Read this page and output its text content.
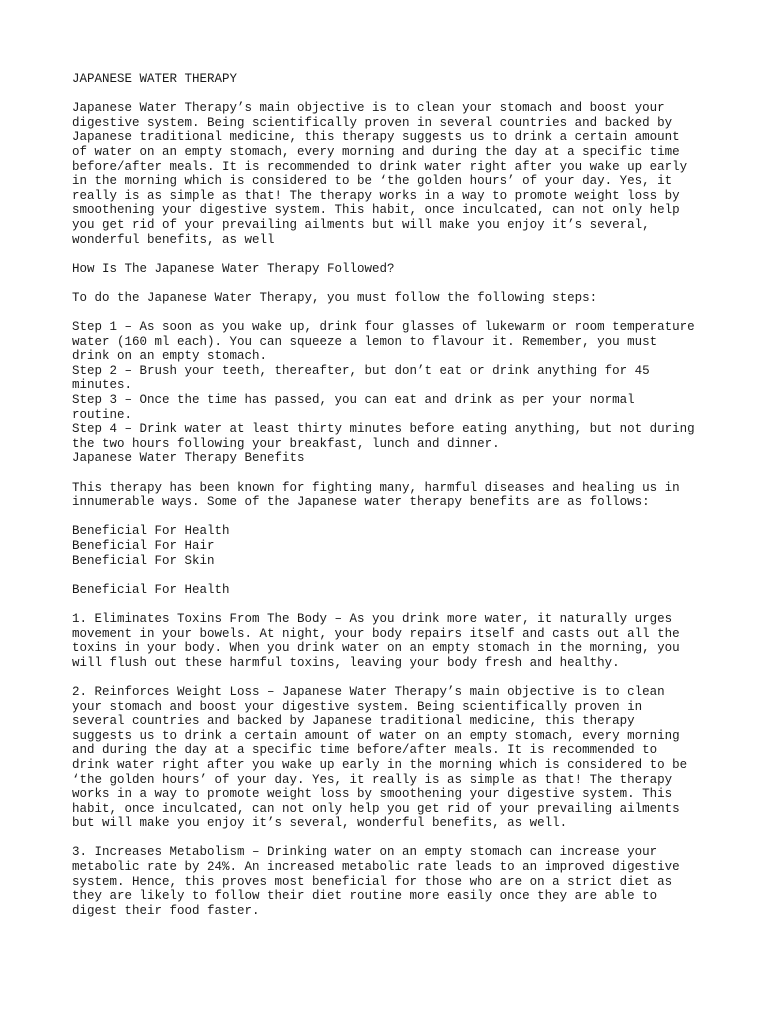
JAPANESE WATER THERAPY

Japanese Water Therapy’s main objective is to clean your stomach and boost your
digestive system. Being scientifically proven in several countries and backed by
Japanese traditional medicine, this therapy suggests us to drink a certain amount
of water on an empty stomach, every morning and during the day at a specific time
before/after meals. It is recommended to drink water right after you wake up early
in the morning which is considered to be ‘the golden hours’ of your day. Yes, it
really is as simple as that! The therapy works in a way to promote weight loss by
smoothening your digestive system. This habit, once inculcated, can not only help
you get rid of your prevailing ailments but will make you enjoy it’s several,
wonderful benefits, as well

How Is The Japanese Water Therapy Followed?

To do the Japanese Water Therapy, you must follow the following steps:

Step 1 – As soon as you wake up, drink four glasses of lukewarm or room temperature
water (160 ml each). You can squeeze a lemon to flavour it. Remember, you must
drink on an empty stomach.
Step 2 – Brush your teeth, thereafter, but don’t eat or drink anything for 45
minutes.
Step 3 – Once the time has passed, you can eat and drink as per your normal
routine.
Step 4 – Drink water at least thirty minutes before eating anything, but not during
the two hours following your breakfast, lunch and dinner.

Japanese Water Therapy Benefits

This therapy has been known for fighting many, harmful diseases and healing us in
innumerable ways. Some of the Japanese water therapy benefits are as follows:

Beneficial For Health
Beneficial For Hair
Beneficial For Skin

Beneficial For Health

1. Eliminates Toxins From The Body – As you drink more water, it naturally urges
movement in your bowels. At night, your body repairs itself and casts out all the
toxins in your body. When you drink water on an empty stomach in the morning, you
will flush out these harmful toxins, leaving your body fresh and healthy.

2. Reinforces Weight Loss – Japanese Water Therapy’s main objective is to clean
your stomach and boost your digestive system. Being scientifically proven in
several countries and backed by Japanese traditional medicine, this therapy
suggests us to drink a certain amount of water on an empty stomach, every morning
and during the day at a specific time before/after meals. It is recommended to
drink water right after you wake up early in the morning which is considered to be
‘the golden hours’ of your day. Yes, it really is as simple as that! The therapy
works in a way to promote weight loss by smoothening your digestive system. This
habit, once inculcated, can not only help you get rid of your prevailing ailments
but will make you enjoy it’s several, wonderful benefits, as well.

3. Increases Metabolism – Drinking water on an empty stomach can increase your
metabolic rate by 24%. An increased metabolic rate leads to an improved digestive
system. Hence, this proves most beneficial for those who are on a strict diet as
they are likely to follow their diet routine more easily once they are able to
digest their food faster.
